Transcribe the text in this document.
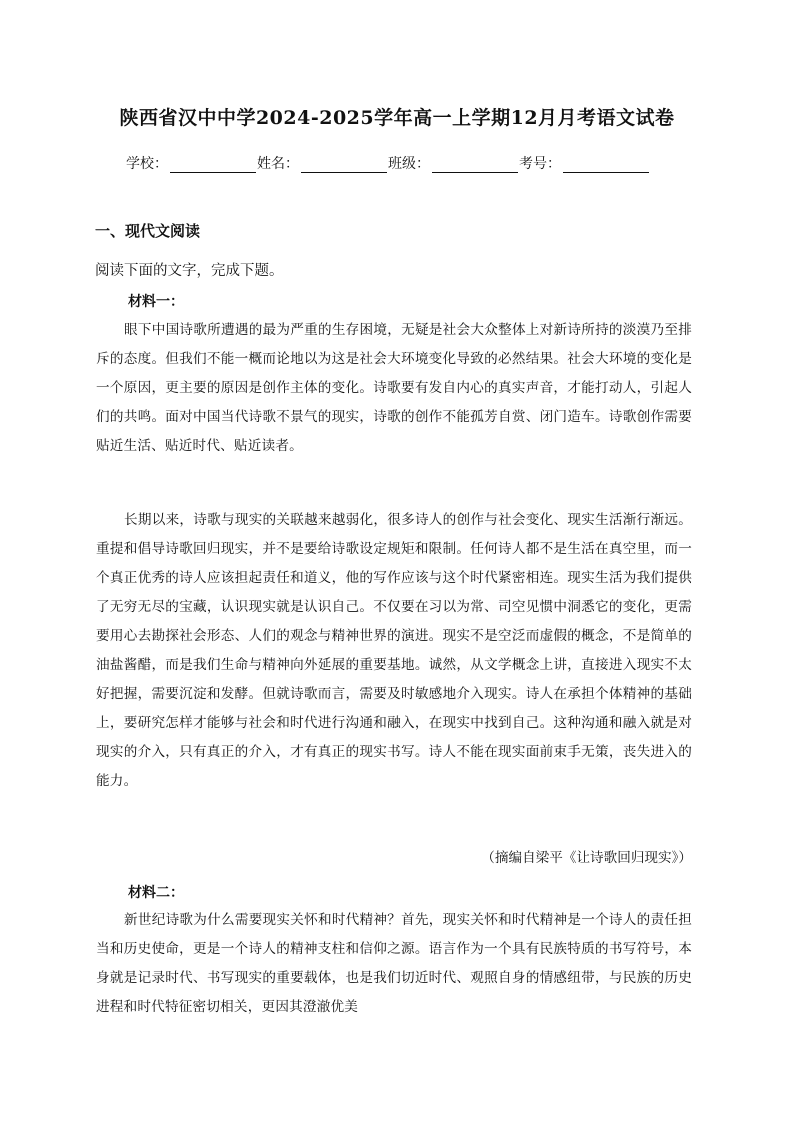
陕西省汉中中学2024-2025学年高一上学期12月月考语文试卷
学校：	姓名：	班级：	考号：
一、现代文阅读
阅读下面的文字，完成下题。
材料一：
眼下中国诗歌所遭遇的最为严重的生存困境，无疑是社会大众整体上对新诗所持的淡漠乃至排斥的态度。但我们不能一概而论地以为这是社会大环境变化导致的必然结果。社会大环境的变化是一个原因，更主要的原因是创作主体的变化。诗歌要有发自内心的真实声音，才能打动人，引起人们的共鸣。面对中国当代诗歌不景气的现实，诗歌的创作不能孤芳自赏、闭门造车。诗歌创作需要贴近生活、贴近时代、贴近读者。
长期以来，诗歌与现实的关联越来越弱化，很多诗人的创作与社会变化、现实生活渐行渐远。重提和倡导诗歌回归现实，并不是要给诗歌设定规矩和限制。任何诗人都不是生活在真空里，而一个真正优秀的诗人应该担起责任和道义，他的写作应该与这个时代紧密相连。现实生活为我们提供了无穷无尽的宝藏，认识现实就是认识自己。不仅要在习以为常、司空见惯中洞悉它的变化，更需要用心去勘探社会形态、人们的观念与精神世界的演进。现实不是空泛而虚假的概念，不是简单的油盐酱醋，而是我们生命与精神向外延展的重要基地。诚然，从文学概念上讲，直接进入现实不太好把握，需要沉淀和发酵。但就诗歌而言，需要及时敏感地介入现实。诗人在承担个体精神的基础上，要研究怎样才能够与社会和时代进行沟通和融入，在现实中找到自己。这种沟通和融入就是对现实的介入，只有真正的介入，才有真正的现实书写。诗人不能在现实面前束手无策，丧失进入的能力。
（摘编自梁平《让诗歌回归现实》）
材料二：
新世纪诗歌为什么需要现实关怀和时代精神？首先，现实关怀和时代精神是一个诗人的责任担当和历史使命，更是一个诗人的精神支柱和信仰之源。语言作为一个具有民族特质的书写符号，本身就是记录时代、书写现实的重要载体，也是我们切近时代、观照自身的情感纽带，与民族的历史进程和时代特征密切相关，更因其澄澈优美
